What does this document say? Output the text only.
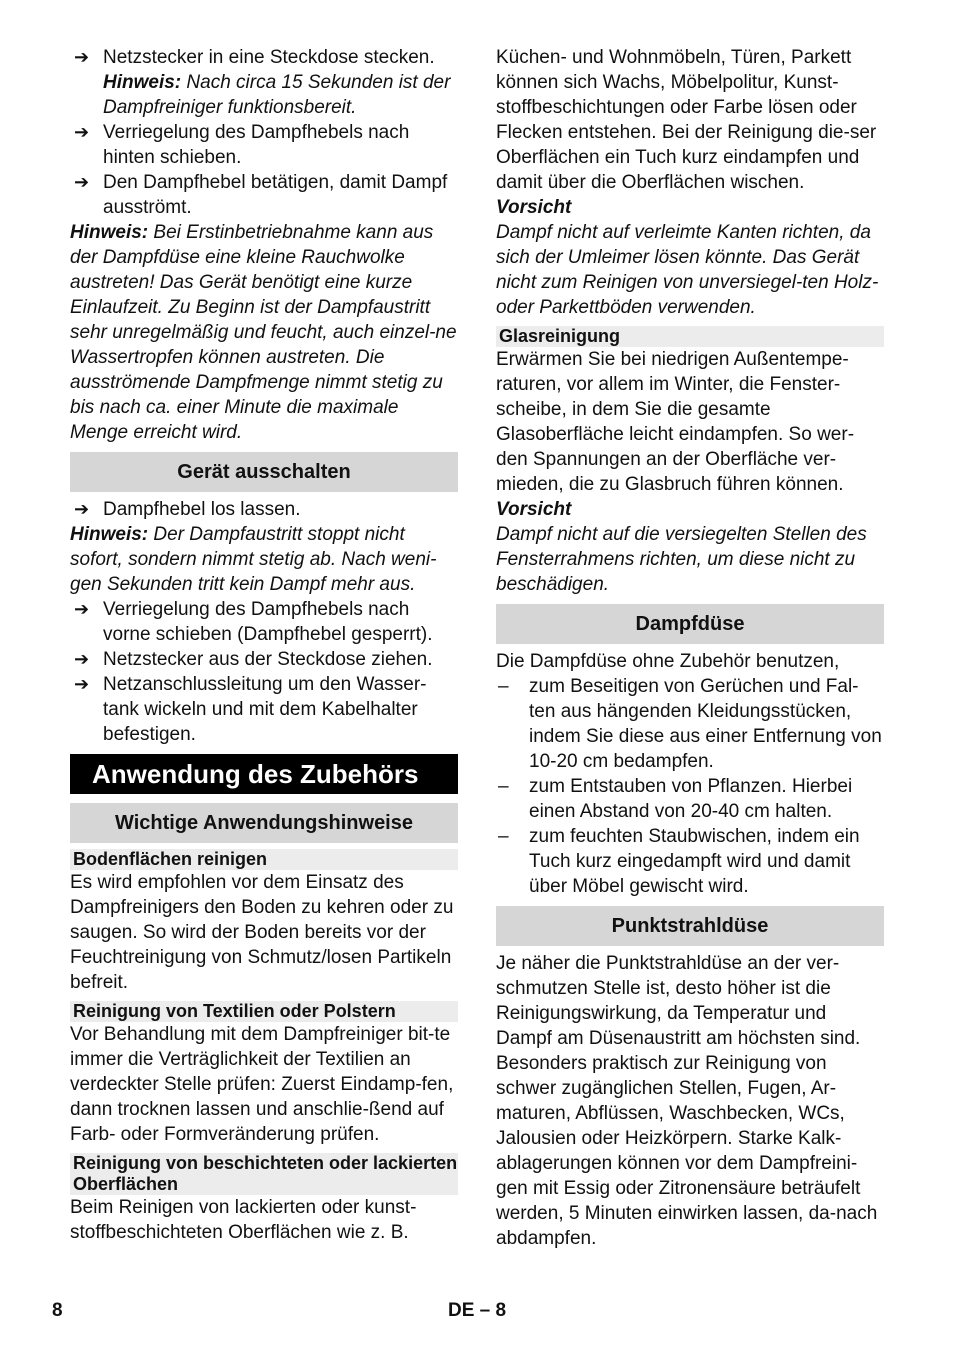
➔ Netzstecker in eine Steckdose stecken.

Hinweis: Nach circa 15 Sekunden ist der Dampfreiniger funktionsbereit.

➔ Verriegelung des Dampfhebels nach hinten schieben.

➔ Den Dampfhebel betätigen, damit Dampf ausströmt.

Hinweis: Bei Erstinbetriebnahme kann aus der Dampfdüse eine kleine Rauchwolke austreten! Das Gerät benötigt eine kurze Einlaufzeit. Zu Beginn ist der Dampfaustritt sehr unregelmäßig und feucht, auch einzel-ne Wassertropfen können austreten. Die ausströmende Dampfmenge nimmt stetig zu bis nach ca. einer Minute die maximale Menge erreicht wird.

Gerät ausschalten
➔ Dampfhebel los lassen.

Hinweis: Der Dampfaustritt stoppt nicht sofort, sondern nimmt stetig ab. Nach weni-gen Sekunden tritt kein Dampf mehr aus.

➔ Verriegelung des Dampfhebels nach vorne schieben (Dampfhebel gesperrt).

➔ Netzstecker aus der Steckdose ziehen.

➔ Netzanschlussleitung um den Wasser-tank wickeln und mit dem Kabelhalter befestigen.

Anwendung des Zubehörs
Wichtige Anwendungshinweise
Bodenflächen reinigen

Es wird empfohlen vor dem Einsatz des Dampfreinigers den Boden zu kehren oder zu saugen. So wird der Boden bereits vor der Feuchtreinigung von Schmutz/losen Partikeln befreit.

Reinigung von Textilien oder Polstern

Vor Behandlung mit dem Dampfreiniger bit-te immer die Verträglichkeit der Textilien an verdeckter Stelle prüfen: Zuerst Eindamp-fen, dann trocknen lassen und anschlie-ßend auf Farb- oder Formveränderung prüfen.

Reinigung von beschichteten oder lackierten Oberflächen

Beim Reinigen von lackierten oder kunst-stoffbeschichteten Oberflächen wie z. B.

Küchen- und Wohnmöbeln, Türen, Parkett können sich Wachs, Möbelpolitur, Kunst-stoffbeschichtungen oder Farbe lösen oder Flecken entstehen. Bei der Reinigung die-ser Oberflächen ein Tuch kurz eindampfen und damit über die Oberflächen wischen.

Vorsicht

Dampf nicht auf verleimte Kanten richten, da sich der Umleimer lösen könnte. Das Gerät nicht zum Reinigen von unversiegel-ten Holz- oder Parkettböden verwenden.

Glasreinigung

Erwärmen Sie bei niedrigen Außentempe-raturen, vor allem im Winter, die Fenster-scheibe, in dem Sie die gesamte Glasoberfläche leicht eindampfen. So wer-den Spannungen an der Oberfläche ver-mieden, die zu Glasbruch führen können.

Vorsicht

Dampf nicht auf die versiegelten Stellen des Fensterrahmens richten, um diese nicht zu beschädigen.

Dampfdüse

Die Dampfdüse ohne Zubehör benutzen,

– zum Beseitigen von Gerüchen und Fal-ten aus hängenden Kleidungsstücken, indem Sie diese aus einer Entfernung von 10-20 cm bedampfen.

– zum Entstauben von Pflanzen. Hierbei einen Abstand von 20-40 cm halten.

– zum feuchten Staubwischen, indem ein Tuch kurz eingedampft wird und damit über Möbel gewischt wird.

Punktstrahldüse

Je näher die Punktstrahldüse an der ver-schmutzen Stelle ist, desto höher ist die Reinigungswirkung, da Temperatur und Dampf am Düsenaustritt am höchsten sind. Besonders praktisch zur Reinigung von schwer zugänglichen Stellen, Fugen, Ar-maturen, Abflüssen, Waschbecken, WCs, Jalousien oder Heizkörpern. Starke Kalk-ablagerungen können vor dem Dampfreini-gen mit Essig oder Zitronensäure beträufelt werden, 5 Minuten einwirken lassen, da-nach abdampfen.

8	DE – 8
